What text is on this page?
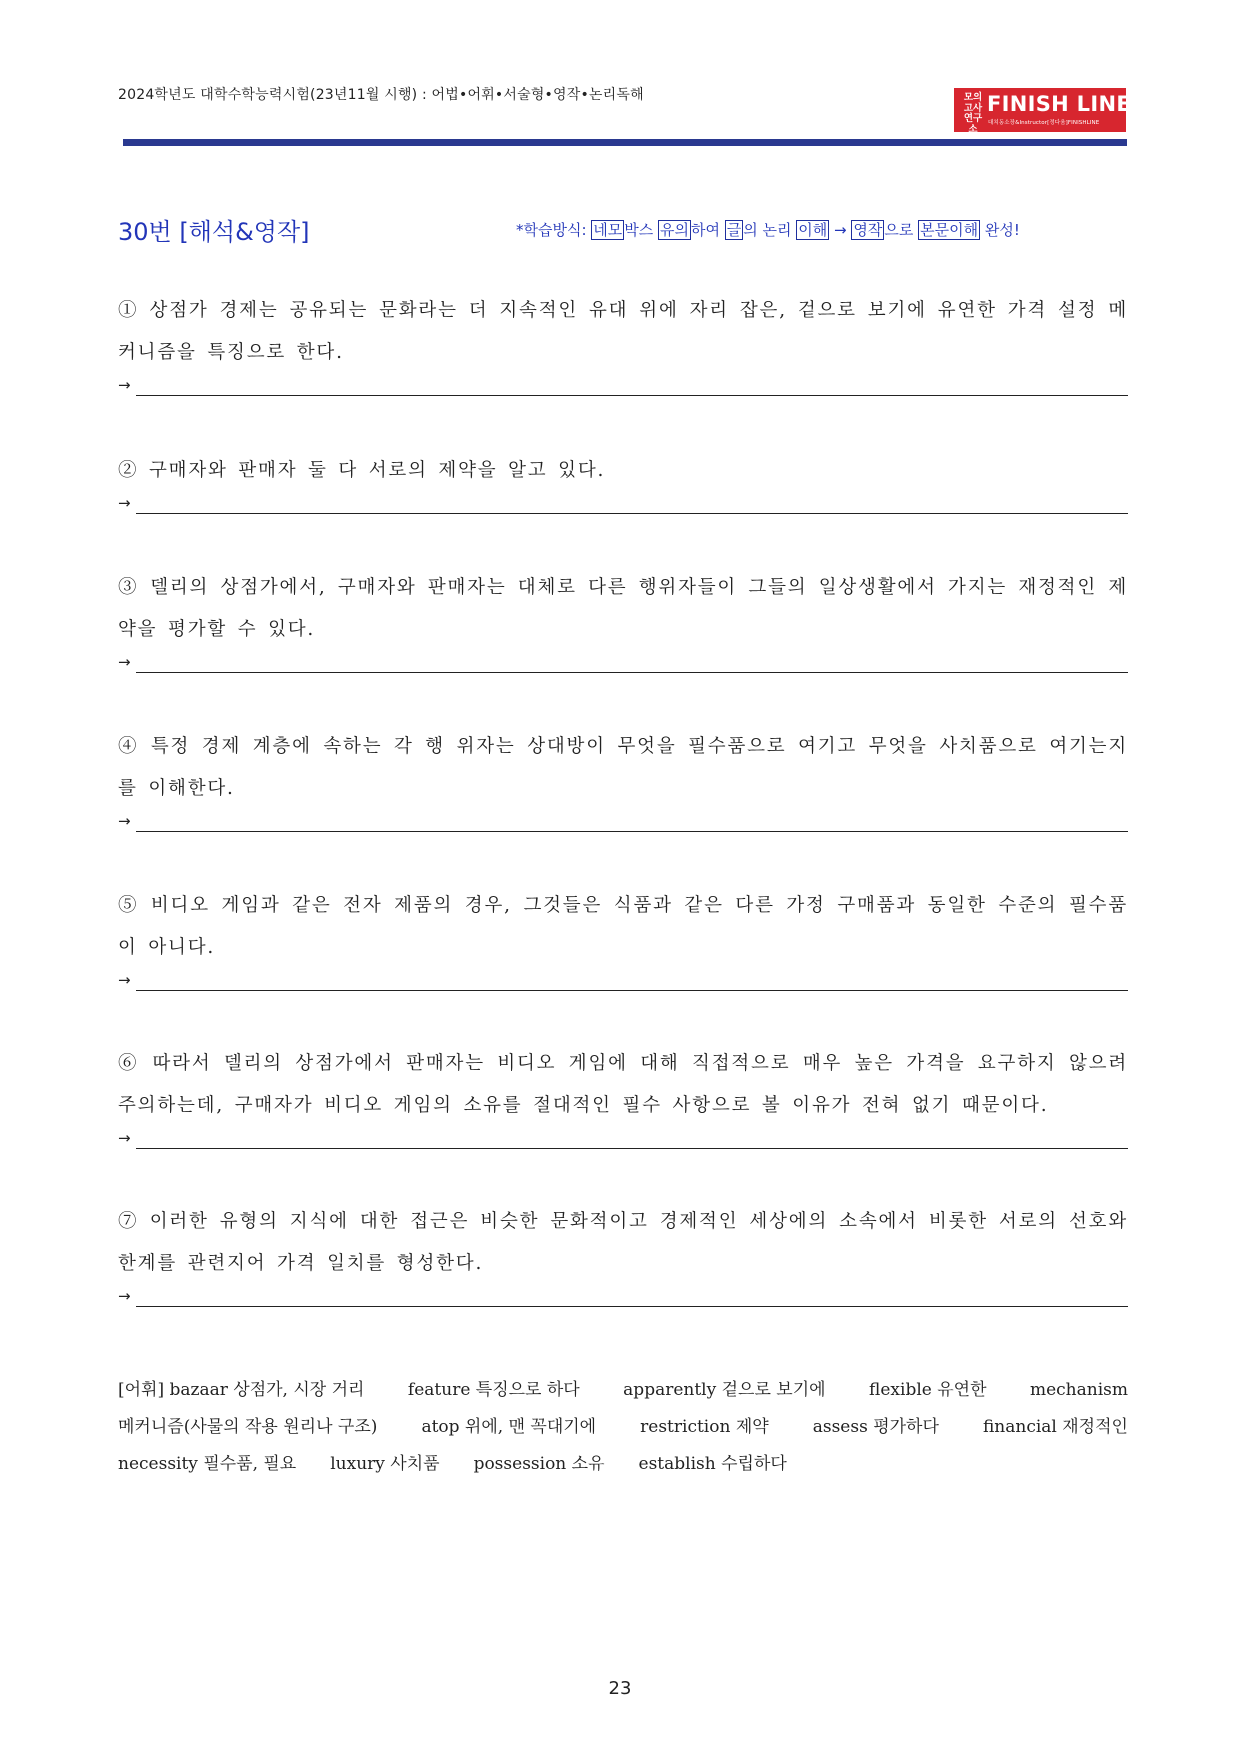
2024학년도 대학수학능력시험(23년11월 시행) : 어법•어휘•서술형•영작•논리독해	모의고사연구소
FINISH LINE
대치동소장&Instructor[정다움]FINISHLINE
30번 [해석&영작]	*학습방식: 네모 박스 유의 하여 글 의 논리 이해 → 영작 으로 본문이해 완성!
① 상점가 경제는 공유되는 문화라는 더 지속적인 유대 위에 자리 잡은, 겉으로 보기에 유연한 가격 설정 메커니즘을 특징으로 한다.
→
② 구매자와 판매자 둘 다 서로의 제약을 알고 있다.
→
③ 델리의 상점가에서, 구매자와 판매자는 대체로 다른 행위자들이 그들의 일상생활에서 가지는 재정적인 제약을 평가할 수 있다.
→
④ 특정 경제 계층에 속하는 각 행 위자는 상대방이 무엇을 필수품으로 여기고 무엇을 사치품으로 여기는지를 이해한다.
→
⑤ 비디오 게임과 같은 전자 제품의 경우, 그것들은 식품과 같은 다른 가정 구매품과 동일한 수준의 필수품이 아니다.
→
⑥ 따라서 델리의 상점가에서 판매자는 비디오 게임에 대해 직접적으로 매우 높은 가격을 요구하지 않으려 주의하는데, 구매자가 비디오 게임의 소유를 절대적인 필수 사항으로 볼 이유가 전혀 없기 때문이다.
→
⑦ 이러한 유형의 지식에 대한 접근은 비슷한 문화적이고 경제적인 세상에의 소속에서 비롯한 서로의 선호와 한계를 관련지어 가격 일치를 형성한다.
→
[어휘] bazaar 상점가, 시장 거리	feature 특징으로 하다	apparently 겉으로 보기에	flexible 유연한	mechanism
메커니즘(사물의 작용 원리나 구조)	atop 위에, 맨 꼭대기에	restriction 제약	assess 평가하다	financial 재정적인
necessity 필수품, 필요 luxury 사치품 possession 소유 establish 수립하다
23
